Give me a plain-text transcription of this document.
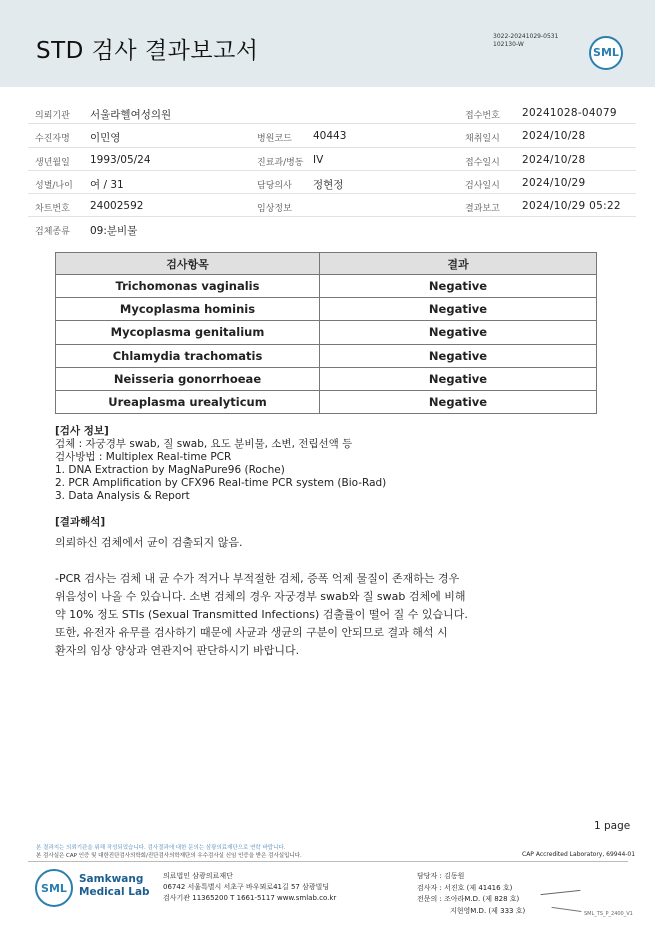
STD 검사 결과보고서
3022-20241029-0531
102130-W
SML
의뢰기관 서울라헬여성의원	접수번호 20241028-04079
수진자명 이민영	병원코드 40443	채취일시 2024/10/28
생년월일 1993/05/24	진료과/병동 IV	접수일시 2024/10/28
성별/나이 여 / 31	담당의사 정현정	검사일시 2024/10/29
차트번호 24002592	임상정보	결과보고 2024/10/29 05:22
검체종류 09:분비물
검사항목	결과
Trichomonas vaginalis	Negative
Mycoplasma hominis	Negative
Mycoplasma genitalium	Negative
Chlamydia trachomatis	Negative
Neisseria gonorrhoeae	Negative
Ureaplasma urealyticum	Negative
[검사 정보]
검체 : 자궁경부 swab, 질 swab, 요도 분비물, 소변, 전립선액 등
검사방법 : Multiplex Real-time PCR
1. DNA Extraction by MagNaPure96 (Roche)
2. PCR Amplification by CFX96 Real-time PCR system (Bio-Rad)
3. Data Analysis & Report
[결과해석]
의뢰하신 검체에서 균이 검출되지 않음.
-PCR 검사는 검체 내 균 수가 적거나 부적절한 검체, 증폭 억제 물질이 존재하는 경우
위음성이 나올 수 있습니다. 소변 검체의 경우 자궁경부 swab와 질 swab 검체에 비해
약 10% 정도 STIs (Sexual Transmitted Infections) 검출률이 떨어 질 수 있습니다.
또한, 유전자 유무를 검사하기 때문에 사균과 생균의 구분이 안되므로 결과 해석 시
환자의 임상 양상과 연관지어 판단하시기 바랍니다.
1 page
본 결과지는 의뢰기관을 위해 작성되었습니다. 검사결과에 대한 문의는 삼광의료재단으로 연락 바랍니다.
본 검사실은 CAP 인증 및 대한진단검사의학회/진단검사의학재단의 우수검사실 신임 인증을 받은 검사실입니다.	CAP Accredited Laboratory, 69944-01
SML
Samkwang
Medical Lab
의료법인 삼광의료재단
06742 서울특별시 서초구 바우뫼로41길 57 삼광빌딩
검사기관 11365200 T 1661-5117 www.smlab.co.kr
담당자 : 김동원
검사자 : 서진호 (제 41416 호)
전문의 : 조아라M.D. (제 828 호)
지현영M.D. (제 333 호)	SML_TS_P_2400_V1
